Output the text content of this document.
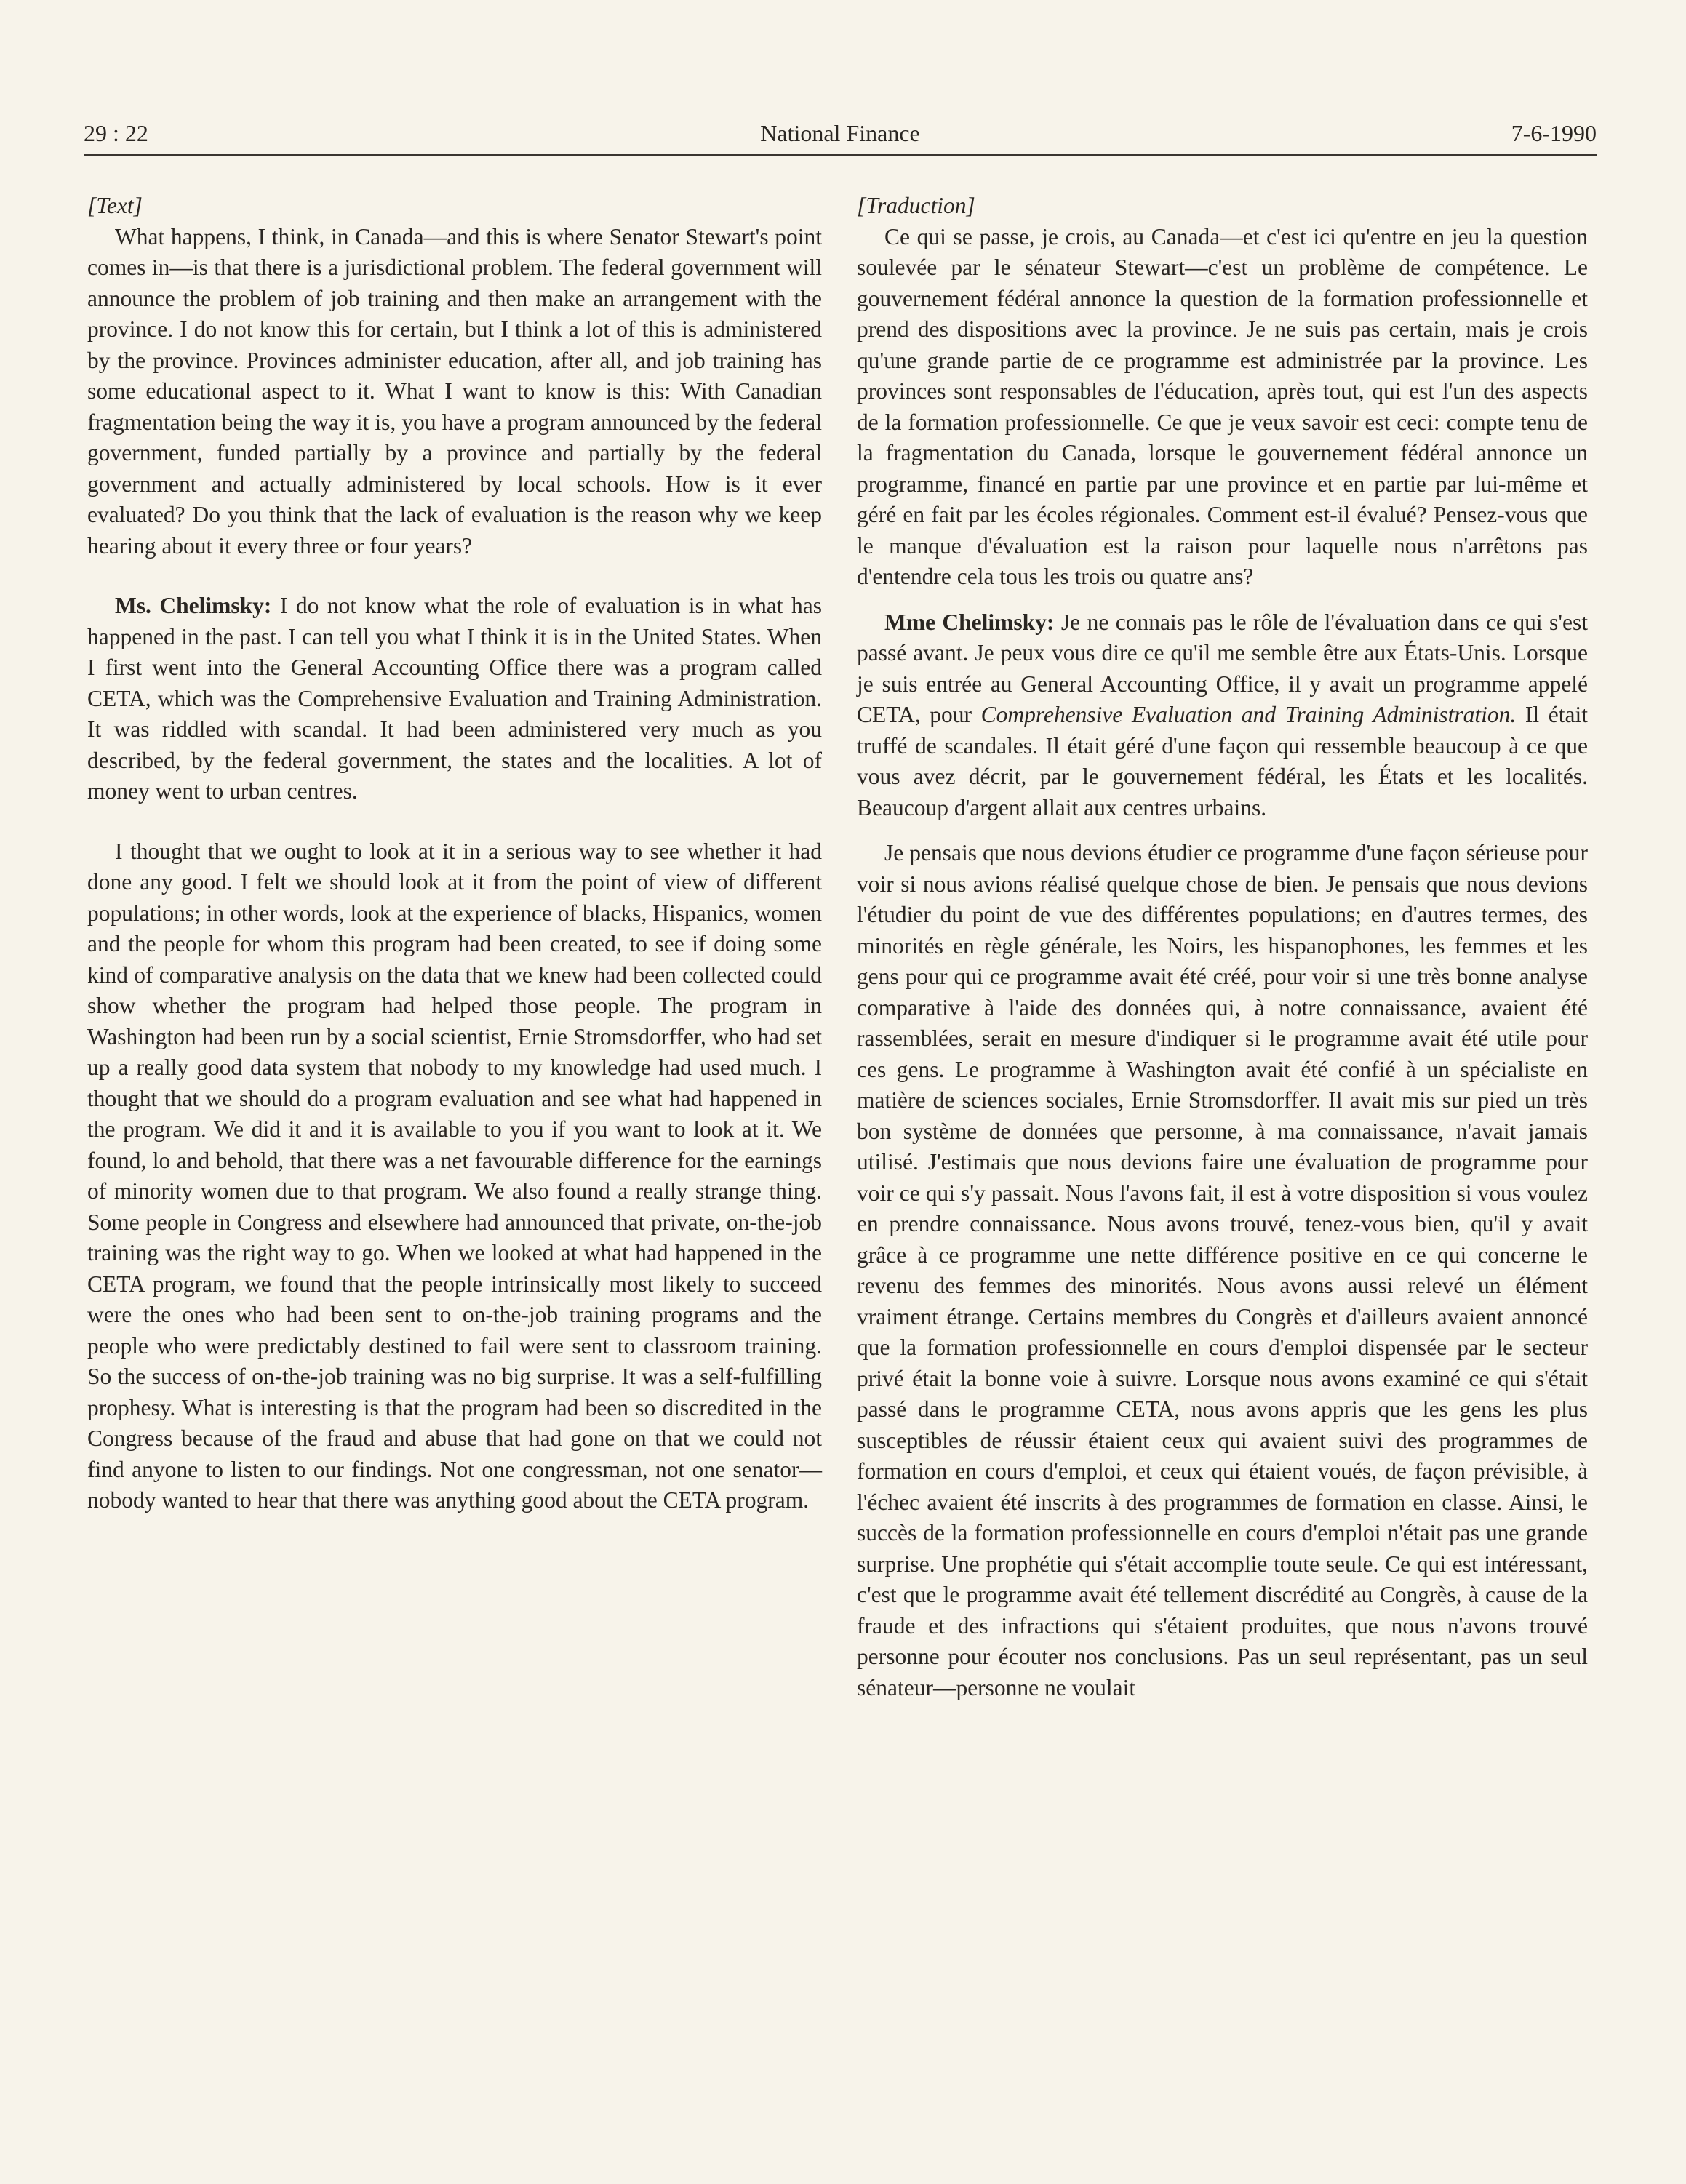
National Finance
29 : 22	7-6-1990

[Text]

What happens, I think, in Canada—and this is where Senator Stewart's point comes in—is that there is a jurisdictional problem. The federal government will announce the problem of job training and then make an arrangement with the province. I do not know this for certain, but I think a lot of this is administered by the province. Provinces administer education, after all, and job training has some educational aspect to it. What I want to know is this: With Canadian fragmentation being the way it is, you have a program announced by the federal government, funded partially by a province and partially by the federal government and actually administered by local schools. How is it ever evaluated? Do you think that the lack of evaluation is the reason why we keep hearing about it every three or four years?

Ms. Chelimsky: I do not know what the role of evaluation is in what has happened in the past. I can tell you what I think it is in the United States. When I first went into the General Accounting Office there was a program called CETA, which was the Comprehensive Evaluation and Training Administration. It was riddled with scandal. It had been administered very much as you described, by the federal government, the states and the localities. A lot of money went to urban centres.

I thought that we ought to look at it in a serious way to see whether it had done any good. I felt we should look at it from the point of view of different populations; in other words, look at the experience of blacks, Hispanics, women and the people for whom this program had been created, to see if doing some kind of comparative analysis on the data that we knew had been collected could show whether the program had helped those people. The program in Washington had been run by a social scientist, Ernie Stromsdorffer, who had set up a really good data system that nobody to my knowledge had used much. I thought that we should do a program evaluation and see what had happened in the program. We did it and it is available to you if you want to look at it. We found, lo and behold, that there was a net favourable difference for the earnings of minority women due to that program. We also found a really strange thing. Some people in Congress and elsewhere had announced that private, on-the-job training was the right way to go. When we looked at what had happened in the CETA program, we found that the people intrinsically most likely to succeed were the ones who had been sent to on-the-job training programs and the people who were predictably destined to fail were sent to classroom training. So the success of on-the-job training was no big surprise. It was a self-fulfilling prophesy. What is interesting is that the program had been so discredited in the Congress because of the fraud and abuse that had gone on that we could not find anyone to listen to our findings. Not one congressman, not one senator—nobody wanted to hear that there was anything good about the CETA program.

[Traduction]

Ce qui se passe, je crois, au Canada—et c'est ici qu'entre en jeu la question soulevée par le sénateur Stewart—c'est un problème de compétence. Le gouvernement fédéral annonce la question de la formation professionnelle et prend des dispositions avec la province. Je ne suis pas certain, mais je crois qu'une grande partie de ce programme est administrée par la province. Les provinces sont responsables de l'éducation, après tout, qui est l'un des aspects de la formation professionnelle. Ce que je veux savoir est ceci: compte tenu de la fragmentation du Canada, lorsque le gouvernement fédéral annonce un programme, financé en partie par une province et en partie par lui-même et géré en fait par les écoles régionales. Comment est-il évalué? Pensez-vous que le manque d'évaluation est la raison pour laquelle nous n'arrêtons pas d'entendre cela tous les trois ou quatre ans?

Mme Chelimsky: Je ne connais pas le rôle de l'évaluation dans ce qui s'est passé avant. Je peux vous dire ce qu'il me semble être aux États-Unis. Lorsque je suis entrée au General Accounting Office, il y avait un programme appelé CETA, pour Comprehensive Evaluation and Training Administration. Il était truffé de scandales. Il était géré d'une façon qui ressemble beaucoup à ce que vous avez décrit, par le gouvernement fédéral, les États et les localités. Beaucoup d'argent allait aux centres urbains.

Je pensais que nous devions étudier ce programme d'une façon sérieuse pour voir si nous avions réalisé quelque chose de bien. Je pensais que nous devions l'étudier du point de vue des différentes populations; en d'autres termes, des minorités en règle générale, les Noirs, les hispanophones, les femmes et les gens pour qui ce programme avait été créé, pour voir si une très bonne analyse comparative à l'aide des données qui, à notre connaissance, avaient été rassemblées, serait en mesure d'indiquer si le programme avait été utile pour ces gens. Le programme à Washington avait été confié à un spécialiste en matière de sciences sociales, Ernie Stromsdorffer. Il avait mis sur pied un très bon système de données que personne, à ma connaissance, n'avait jamais utilisé. J'estimais que nous devions faire une évaluation de programme pour voir ce qui s'y passait. Nous l'avons fait, il est à votre disposition si vous voulez en prendre connaissance. Nous avons trouvé, tenez-vous bien, qu'il y avait grâce à ce programme une nette différence positive en ce qui concerne le revenu des femmes des minorités. Nous avons aussi relevé un élément vraiment étrange. Certains membres du Congrès et d'ailleurs avaient annoncé que la formation professionnelle en cours d'emploi dispensée par le secteur privé était la bonne voie à suivre. Lorsque nous avons examiné ce qui s'était passé dans le programme CETA, nous avons appris que les gens les plus susceptibles de réussir étaient ceux qui avaient suivi des programmes de formation en cours d'emploi, et ceux qui étaient voués, de façon prévisible, à l'échec avaient été inscrits à des programmes de formation en classe. Ainsi, le succès de la formation professionnelle en cours d'emploi n'était pas une grande surprise. Une prophétie qui s'était accomplie toute seule. Ce qui est intéressant, c'est que le programme avait été tellement discrédité au Congrès, à cause de la fraude et des infractions qui s'étaient produites, que nous n'avons trouvé personne pour écouter nos conclusions. Pas un seul représentant, pas un seul sénateur—personne ne voulait
